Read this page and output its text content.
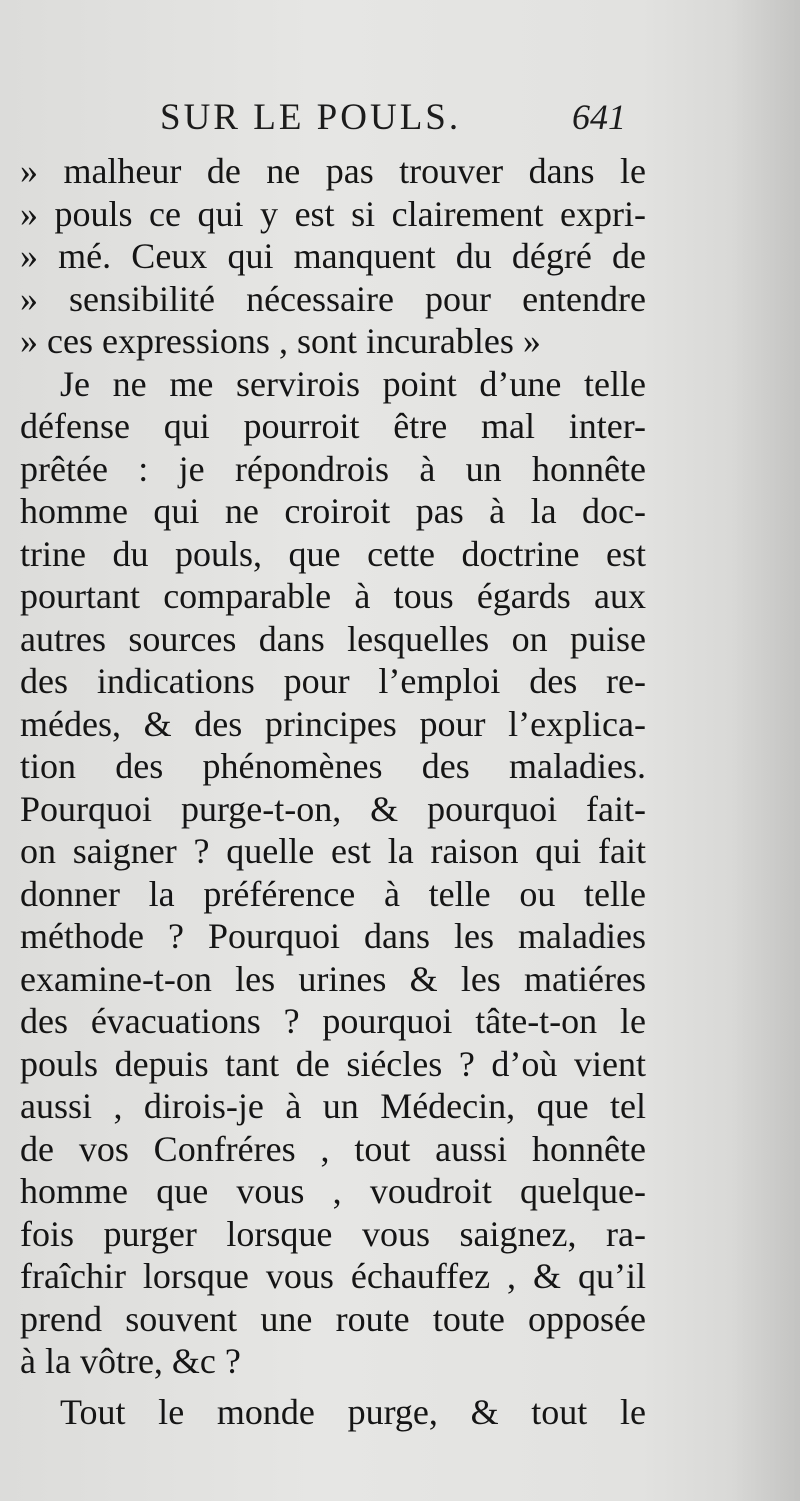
SUR LE POULS.	641
» malheur de ne pas trouver dans le
» pouls ce qui y est si clairement expri-
» mé. Ceux qui manquent du dégré de
» sensibilité nécessaire pour entendre
» ces expressions , sont incurables »
Je ne me servirois point d’une telle
défense qui pourroit être mal inter-
prêtée : je répondrois à un honnête
homme qui ne croiroit pas à la doc-
trine du pouls, que cette doctrine est
pourtant comparable à tous égards aux
autres sources dans lesquelles on puise
des indications pour l’emploi des re-
médes, & des principes pour l’explica-
tion des phénomènes des maladies.
Pourquoi purge-t-on, & pourquoi fait-
on saigner ? quelle est la raison qui fait
donner la préférence à telle ou telle
méthode ? Pourquoi dans les maladies
examine-t-on les urines & les matiéres
des évacuations ? pourquoi tâte-t-on le
pouls depuis tant de siécles ? d’où vient
aussi , dirois-je à un Médecin, que tel
de vos Confréres , tout aussi honnête
homme que vous , voudroit quelque-
fois purger lorsque vous saignez, ra-
fraîchir lorsque vous échauffez , & qu’il
prend souvent une route toute opposée
à la vôtre, &c ?
Tout le monde purge, & tout le
